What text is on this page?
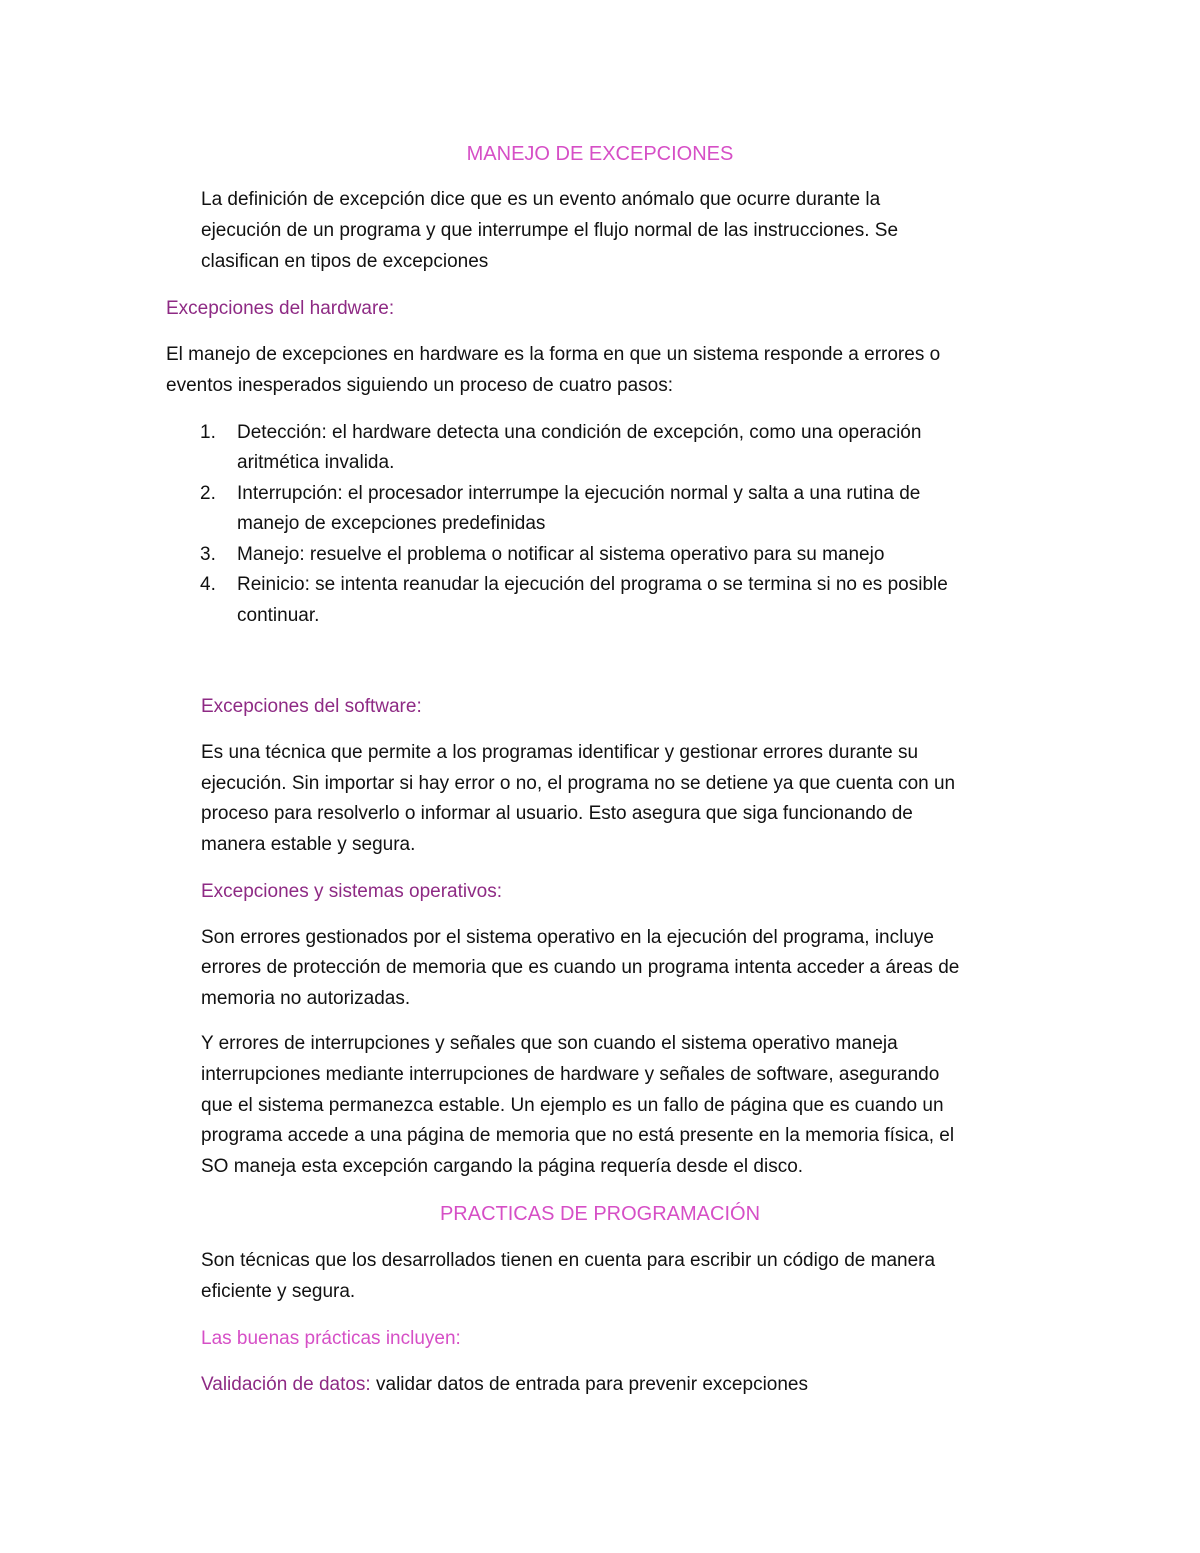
MANEJO DE EXCEPCIONES
La definición de excepción dice que es un evento anómalo que ocurre durante la
ejecución de un programa y que interrumpe el flujo normal de las instrucciones. Se
clasifican en tipos de excepciones
Excepciones del hardware:
El manejo de excepciones en hardware es la forma en que un sistema responde a errores o
eventos inesperados siguiendo un proceso de cuatro pasos:
1. Detección: el hardware detecta una condición de excepción, como una operación
aritmética invalida.
2. Interrupción: el procesador interrumpe la ejecución normal y salta a una rutina de
manejo de excepciones predefinidas
3. Manejo: resuelve el problema o notificar al sistema operativo para su manejo
4. Reinicio: se intenta reanudar la ejecución del programa o se termina si no es posible
continuar.
Excepciones del software:
Es una técnica que permite a los programas identificar y gestionar errores durante su
ejecución. Sin importar si hay error o no, el programa no se detiene ya que cuenta con un
proceso para resolverlo o informar al usuario. Esto asegura que siga funcionando de
manera estable y segura.
Excepciones y sistemas operativos:
Son errores gestionados por el sistema operativo en la ejecución del programa, incluye
errores de protección de memoria que es cuando un programa intenta acceder a áreas de
memoria no autorizadas.
Y errores de interrupciones y señales que son cuando el sistema operativo maneja
interrupciones mediante interrupciones de hardware y señales de software, asegurando
que el sistema permanezca estable. Un ejemplo es un fallo de página que es cuando un
programa accede a una página de memoria que no está presente en la memoria física, el
SO maneja esta excepción cargando la página requería desde el disco.
PRACTICAS DE PROGRAMACIÓN
Son técnicas que los desarrollados tienen en cuenta para escribir un código de manera
eficiente y segura.
Las buenas prácticas incluyen:
Validación de datos: validar datos de entrada para prevenir excepciones
